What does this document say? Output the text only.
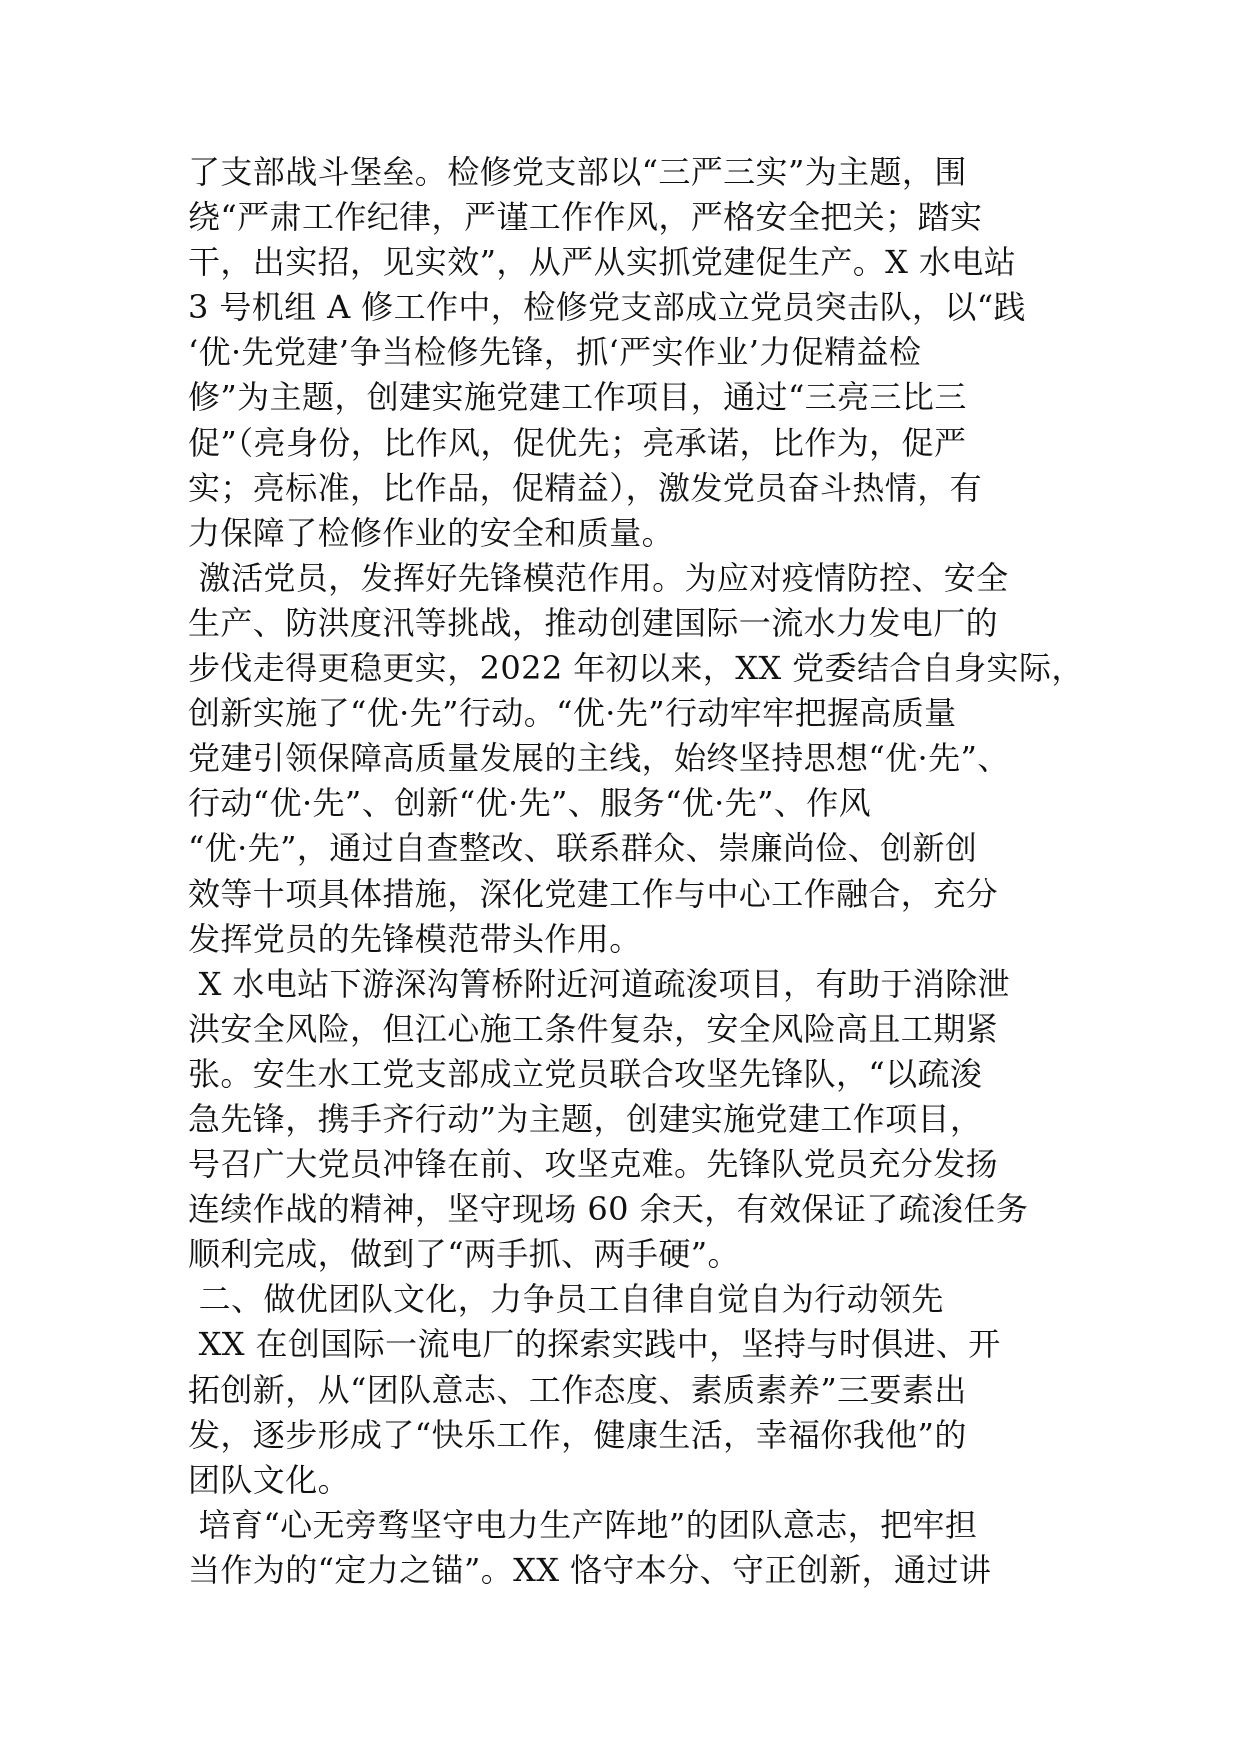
了支部战斗堡垒。检修党支部以“三严三实”为主题，围
绕“严肃工作纪律，严谨工作作风，严格安全把关；踏实
干，出实招，见实效”，从严从实抓党建促生产。X 水电站
3 号机组 A 修工作中，检修党支部成立党员突击队，以“践
‘优·先党建’争当检修先锋，抓‘严实作业’力促精益检
修”为主题，创建实施党建工作项目，通过“三亮三比三
促”（亮身份，比作风，促优先；亮承诺，比作为，促严
实；亮标准，比作品，促精益），激发党员奋斗热情，有
力保障了检修作业的安全和质量。
激活党员，发挥好先锋模范作用。为应对疫情防控、安全
生产、防洪度汛等挑战，推动创建国际一流水力发电厂的
步伐走得更稳更实，2022 年初以来，XX 党委结合自身实际，
创新实施了“优·先”行动。“优·先”行动牢牢把握高质量
党建引领保障高质量发展的主线，始终坚持思想“优·先”、
行动“优·先”、创新“优·先”、服务“优·先”、作风
“优·先”，通过自查整改、联系群众、崇廉尚俭、创新创
效等十项具体措施，深化党建工作与中心工作融合，充分
发挥党员的先锋模范带头作用。
X 水电站下游深沟箐桥附近河道疏浚项目，有助于消除泄
洪安全风险，但江心施工条件复杂，安全风险高且工期紧
张。安生水工党支部成立党员联合攻坚先锋队，“以疏浚
急先锋，携手齐行动”为主题，创建实施党建工作项目，
号召广大党员冲锋在前、攻坚克难。先锋队党员充分发扬
连续作战的精神，坚守现场 60 余天，有效保证了疏浚任务
顺利完成，做到了“两手抓、两手硬”。
二、做优团队文化，力争员工自律自觉自为行动领先
XX 在创国际一流电厂的探索实践中，坚持与时俱进、开
拓创新，从“团队意志、工作态度、素质素养”三要素出
发，逐步形成了“快乐工作，健康生活，幸福你我他”的
团队文化。
培育“心无旁骛坚守电力生产阵地”的团队意志，把牢担
当作为的“定力之锚”。XX 恪守本分、守正创新，通过讲
